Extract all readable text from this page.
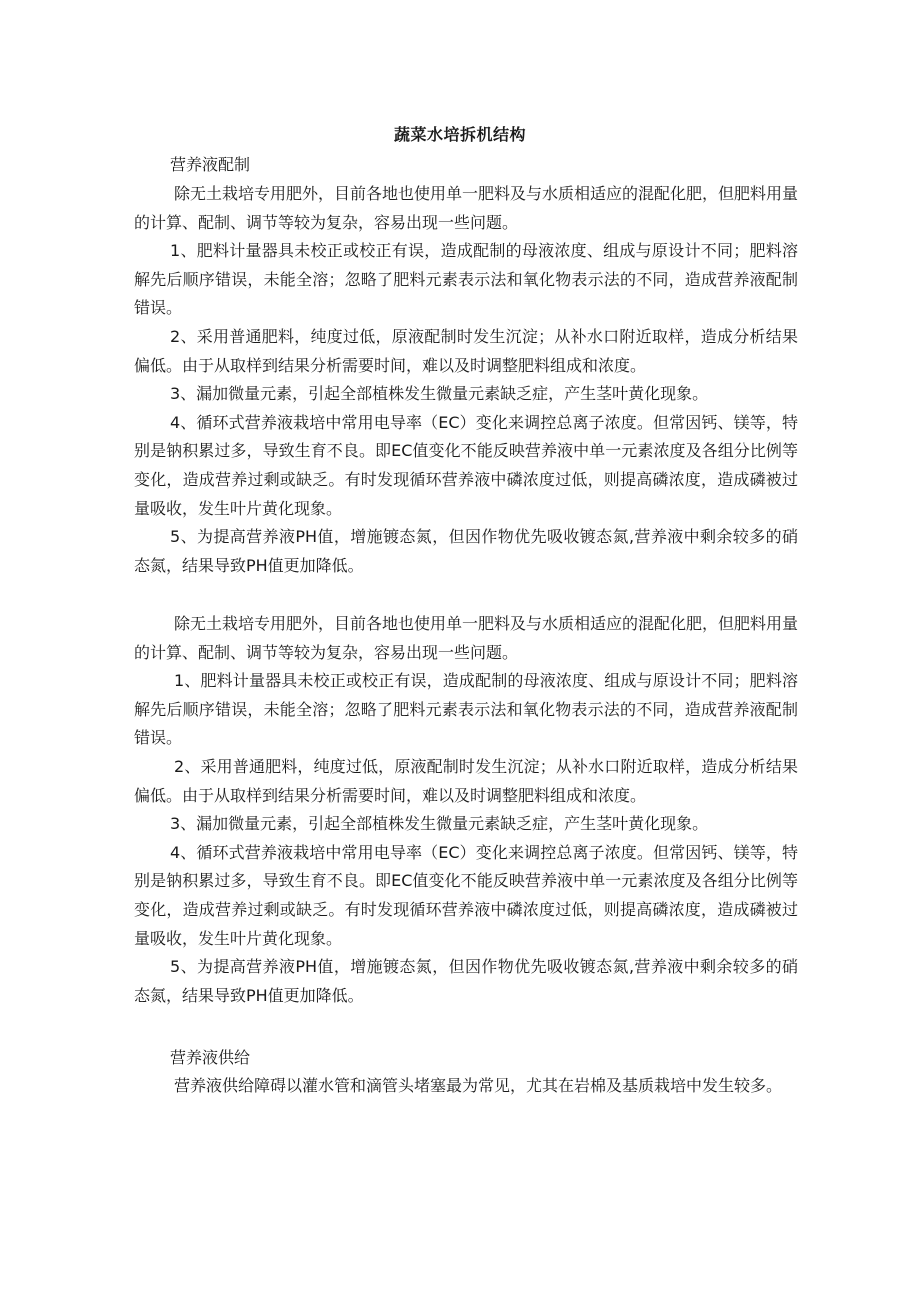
蔬菜水培拆机结构
营养液配制
除无土栽培专用肥外，目前各地也使用单一肥料及与水质相适应的混配化肥，但肥料用量的计算、配制、调节等较为复杂，容易出现一些问题。
1、肥料计量器具未校正或校正有误，造成配制的母液浓度、组成与原设计不同；肥料溶解先后顺序错误，未能全溶；忽略了肥料元素表示法和氧化物表示法的不同，造成营养液配制错误。
2、采用普通肥料，纯度过低，原液配制时发生沉淀；从补水口附近取样，造成分析结果偏低。由于从取样到结果分析需要时间，难以及时调整肥料组成和浓度。
3、漏加微量元素，引起全部植株发生微量元素缺乏症，产生茎叶黄化现象。
4、循环式营养液栽培中常用电导率（EC）变化来调控总离子浓度。但常因钙、镁等，特别是钠积累过多，导致生育不良。即EC值变化不能反映营养液中单一元素浓度及各组分比例等变化，造成营养过剩或缺乏。有时发现循环营养液中磷浓度过低，则提高磷浓度，造成磷被过量吸收，发生叶片黄化现象。
5、为提高营养液PH值，增施镀态氮，但因作物优先吸收镀态氮,营养液中剩余较多的硝态氮，结果导致PH值更加降低。
除无土栽培专用肥外，目前各地也使用单一肥料及与水质相适应的混配化肥，但肥料用量的计算、配制、调节等较为复杂，容易出现一些问题。
1、肥料计量器具未校正或校正有误，造成配制的母液浓度、组成与原设计不同；肥料溶解先后顺序错误，未能全溶；忽略了肥料元素表示法和氧化物表示法的不同，造成营养液配制错误。
2、采用普通肥料，纯度过低，原液配制时发生沉淀；从补水口附近取样，造成分析结果偏低。由于从取样到结果分析需要时间，难以及时调整肥料组成和浓度。
3、漏加微量元素，引起全部植株发生微量元素缺乏症，产生茎叶黄化现象。
4、循环式营养液栽培中常用电导率（EC）变化来调控总离子浓度。但常因钙、镁等，特别是钠积累过多，导致生育不良。即EC值变化不能反映营养液中单一元素浓度及各组分比例等变化，造成营养过剩或缺乏。有时发现循环营养液中磷浓度过低，则提高磷浓度，造成磷被过量吸收，发生叶片黄化现象。
5、为提高营养液PH值，增施镀态氮，但因作物优先吸收镀态氮,营养液中剩余较多的硝态氮，结果导致PH值更加降低。
营养液供给
营养液供给障碍以灌水管和滴管头堵塞最为常见，尤其在岩棉及基质栽培中发生较多。
